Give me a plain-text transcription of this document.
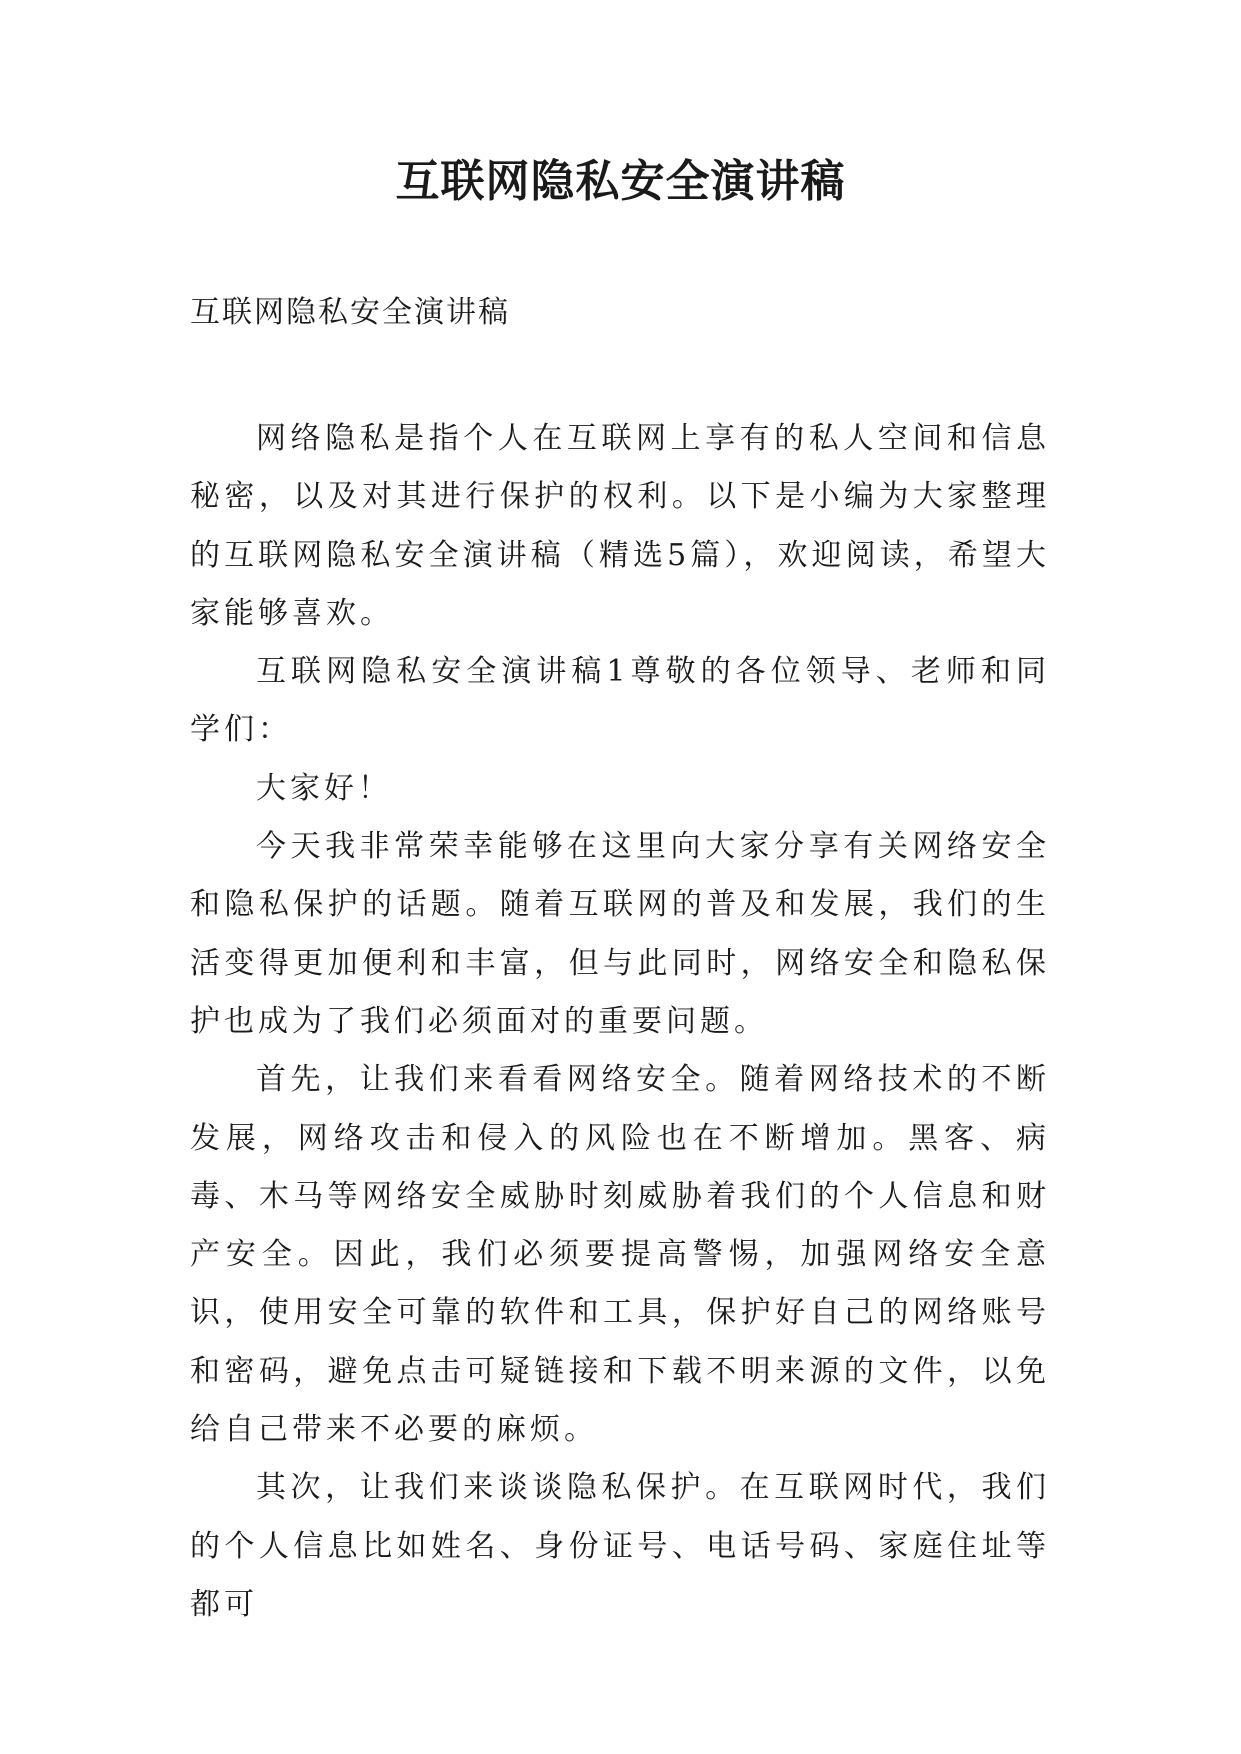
互联网隐私安全演讲稿

互联网隐私安全演讲稿

网络隐私是指个人在互联网上享有的私人空间和信息秘密，以及对其进行保护的权利。以下是小编为大家整理的互联网隐私安全演讲稿（精选5篇），欢迎阅读，希望大家能够喜欢。

互联网隐私安全演讲稿1尊敬的各位领导、老师和同学们：

大家好！

今天我非常荣幸能够在这里向大家分享有关网络安全和隐私保护的话题。随着互联网的普及和发展，我们的生活变得更加便利和丰富，但与此同时，网络安全和隐私保护也成为了我们必须面对的重要问题。

首先，让我们来看看网络安全。随着网络技术的不断发展，网络攻击和侵入的风险也在不断增加。黑客、病毒、木马等网络安全威胁时刻威胁着我们的个人信息和财产安全。因此，我们必须要提高警惕，加强网络安全意识，使用安全可靠的软件和工具，保护好自己的网络账号和密码，避免点击可疑链接和下载不明来源的文件，以免给自己带来不必要的麻烦。

其次，让我们来谈谈隐私保护。在互联网时代，我们的个人信息比如姓名、身份证号、电话号码、家庭住址等都可
